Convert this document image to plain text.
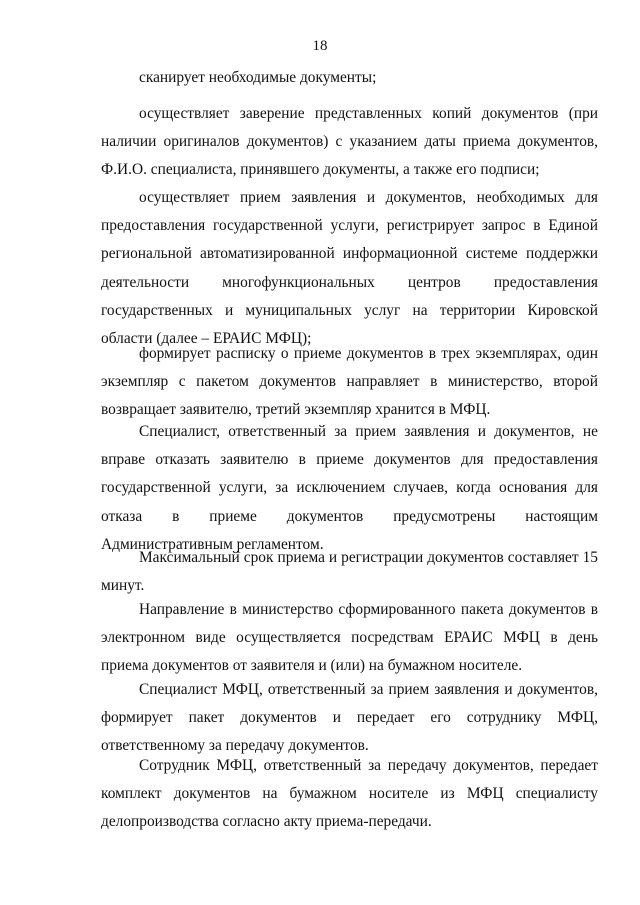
18

сканирует необходимые документы;

осуществляет заверение представленных копий документов (при наличии оригиналов документов) с указанием даты приема документов, Ф.И.О. специалиста, принявшего документы, а также его подписи;

осуществляет прием заявления и документов, необходимых для предоставления государственной услуги, регистрирует запрос в Единой региональной автоматизированной информационной системе поддержки деятельности многофункциональных центров предоставления государственных и муниципальных услуг на территории Кировской области (далее – ЕРАИС МФЦ);

формирует расписку о приеме документов в трех экземплярах, один экземпляр с пакетом документов направляет в министерство, второй возвращает заявителю, третий экземпляр хранится в МФЦ.

Специалист, ответственный за прием заявления и документов, не вправе отказать заявителю в приеме документов для предоставления государственной услуги, за исключением случаев, когда основания для отказа в приеме документов предусмотрены настоящим Административным регламентом.

Максимальный срок приема и регистрации документов составляет 15 минут.

Направление в министерство сформированного пакета документов в электронном виде осуществляется посредствам ЕРАИС МФЦ в день приема документов от заявителя и (или) на бумажном носителе.

Специалист МФЦ, ответственный за прием заявления и документов, формирует пакет документов и передает его сотруднику МФЦ, ответственному за передачу документов.

Сотрудник МФЦ, ответственный за передачу документов, передает комплект документов на бумажном носителе из МФЦ специалисту делопроизводства согласно акту приема-передачи.
